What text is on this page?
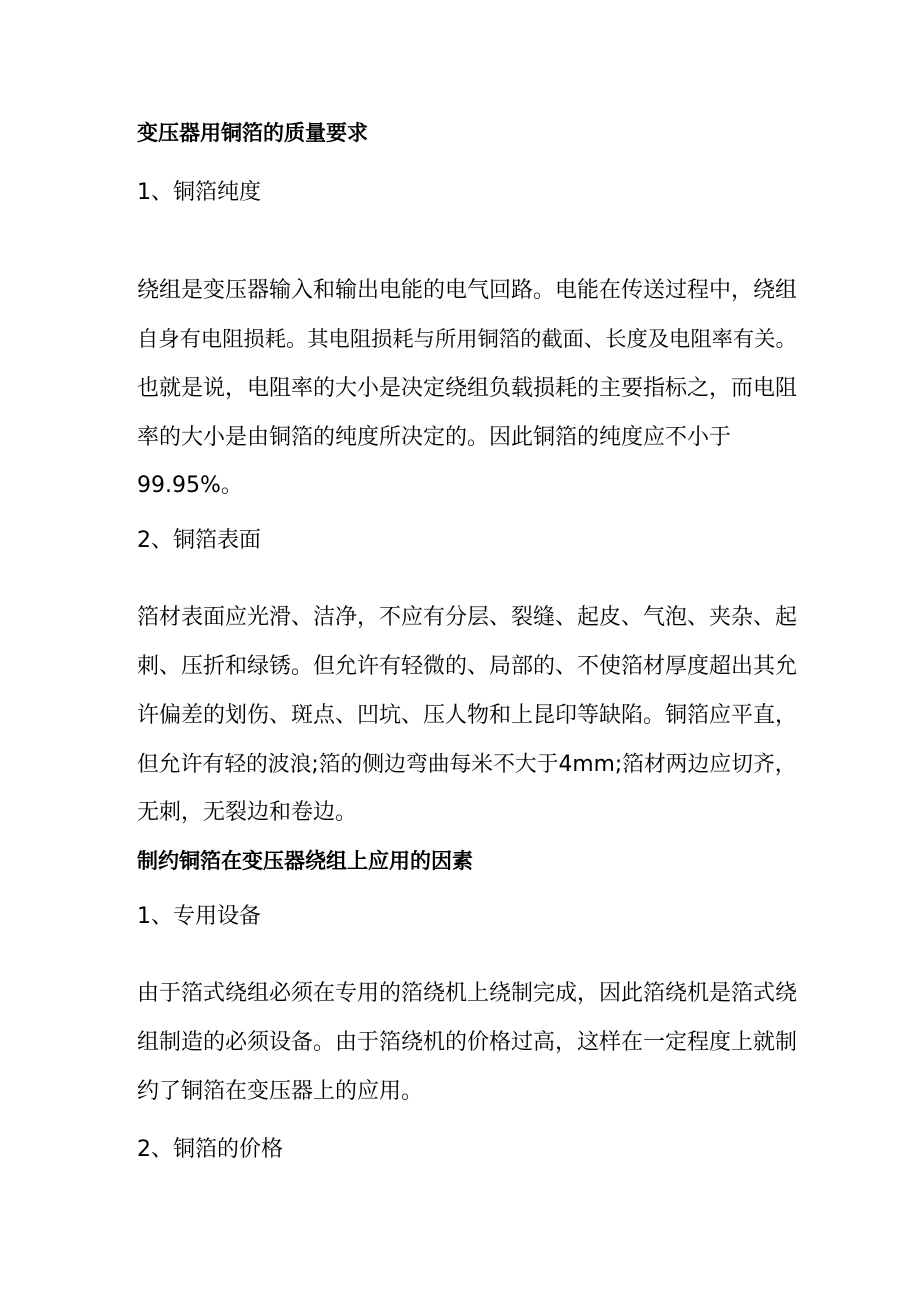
变压器用铜箔的质量要求
1、铜箔纯度
绕组是变压器输入和输出电能的电气回路。电能在传送过程中，绕组
自身有电阻损耗。其电阻损耗与所用铜箔的截面、长度及电阻率有关。
也就是说，电阻率的大小是决定绕组负载损耗的主要指标之，而电阻
率的大小是由铜箔的纯度所决定的。因此铜箔的纯度应不小于
99.95%。
2、铜箔表面
箔材表面应光滑、洁净，不应有分层、裂缝、起皮、气泡、夹杂、起
刺、压折和绿锈。但允许有轻微的、局部的、不使箔材厚度超出其允
许偏差的划伤、斑点、凹坑、压人物和上昆印等缺陷。铜箔应平直，
但允许有轻的波浪;箔的侧边弯曲每米不大于4mm;箔材两边应切齐，
无刺，无裂边和卷边。
制约铜箔在变压器绕组上应用的因素
1、专用设备
由于箔式绕组必须在专用的箔绕机上绕制完成，因此箔绕机是箔式绕
组制造的必须设备。由于箔绕机的价格过高，这样在一定程度上就制
约了铜箔在变压器上的应用。
2、铜箔的价格
